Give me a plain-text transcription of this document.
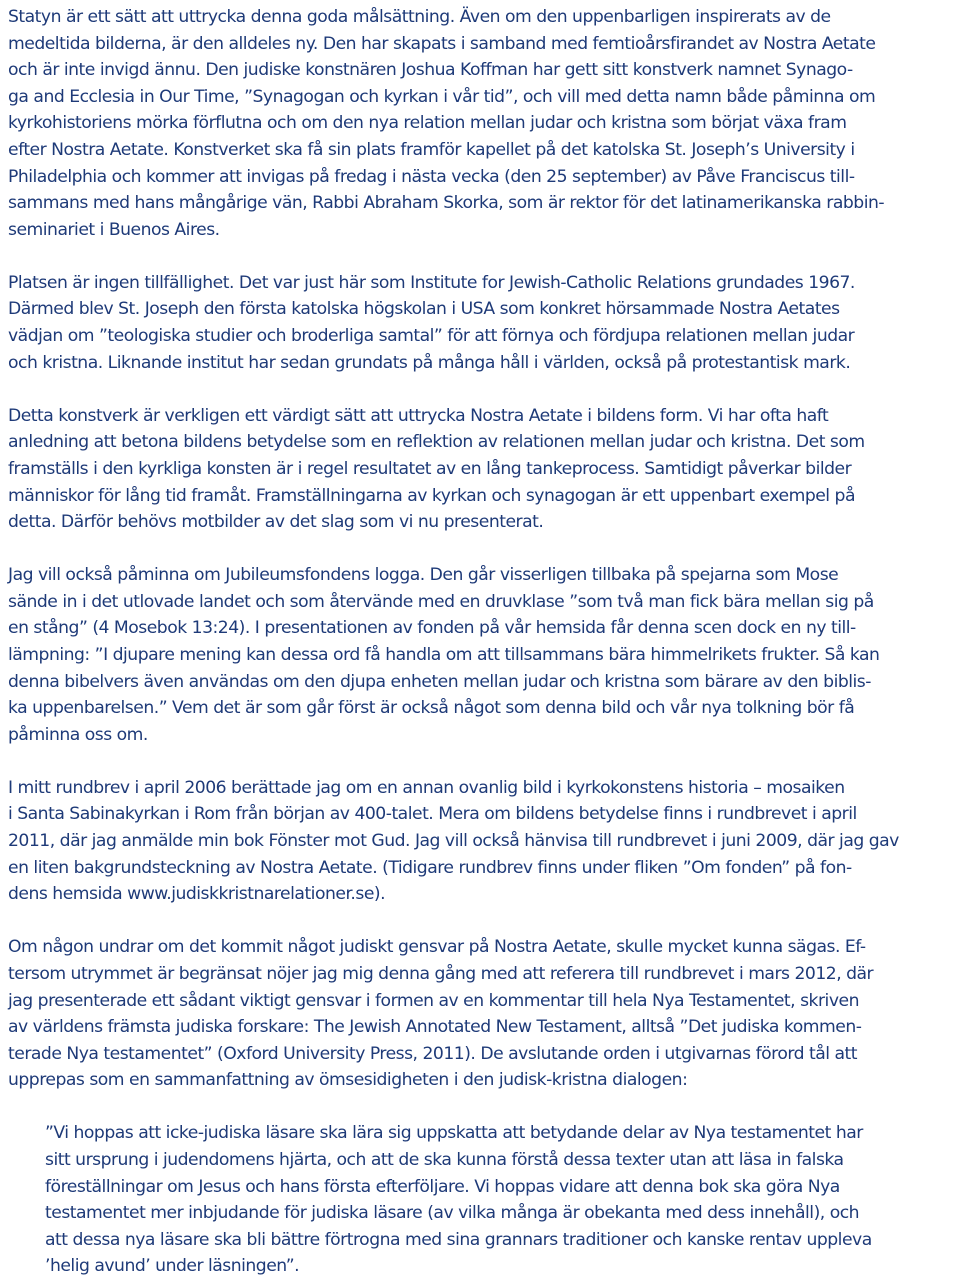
Statyn är ett sätt att uttrycka denna goda målsättning. Även om den uppenbarligen inspirerats av de
medeltida bilderna, är den alldeles ny. Den har skapats i samband med femtioårsfirandet av Nostra Aetate
och är inte invigd ännu. Den judiske konstnären Joshua Koffman har gett sitt konstverk namnet Synago-
ga and Ecclesia in Our Time, ”Synagogan och kyrkan i vår tid”, och vill med detta namn både påminna om
kyrkohistoriens mörka förflutna och om den nya relation mellan judar och kristna som börjat växa fram
efter Nostra Aetate. Konstverket ska få sin plats framför kapellet på det katolska St. Joseph’s University i
Philadelphia och kommer att invigas på fredag i nästa vecka (den 25 september) av Påve Franciscus till-
sammans med hans mångårige vän, Rabbi Abraham Skorka, som är rektor för det latinamerikanska rabbin-
seminariet i Buenos Aires.
Platsen är ingen tillfällighet. Det var just här som Institute for Jewish-Catholic Relations grundades 1967.
Därmed blev St. Joseph den första katolska högskolan i USA som konkret hörsammade Nostra Aetates
vädjan om ”teologiska studier och broderliga samtal” för att förnya och fördjupa relationen mellan judar
och kristna. Liknande institut har sedan grundats på många håll i världen, också på protestantisk mark.
Detta konstverk är verkligen ett värdigt sätt att uttrycka Nostra Aetate i bildens form. Vi har ofta haft
anledning att betona bildens betydelse som en reflektion av relationen mellan judar och kristna. Det som
framställs i den kyrkliga konsten är i regel resultatet av en lång tankeprocess. Samtidigt påverkar bilder
människor för lång tid framåt. Framställningarna av kyrkan och synagogan är ett uppenbart exempel på
detta. Därför behövs motbilder av det slag som vi nu presenterat.
Jag vill också påminna om Jubileumsfondens logga. Den går visserligen tillbaka på spejarna som Mose
sände in i det utlovade landet och som återvände med en druvklase ”som två man fick bära mellan sig på
en stång” (4 Mosebok 13:24). I presentationen av fonden på vår hemsida får denna scen dock en ny till-
lämpning: ”I djupare mening kan dessa ord få handla om att tillsammans bära himmelrikets frukter. Så kan
denna bibelvers även användas om den djupa enheten mellan judar och kristna som bärare av den biblis-
ka uppenbarelsen.” Vem det är som går först är också något som denna bild och vår nya tolkning bör få
påminna oss om.
I mitt rundbrev i april 2006 berättade jag om en annan ovanlig bild i kyrkokonstens historia – mosaiken
i Santa Sabinakyrkan i Rom från början av 400-talet. Mera om bildens betydelse finns i rundbrevet i april
2011, där jag anmälde min bok Fönster mot Gud. Jag vill också hänvisa till rundbrevet i juni 2009, där jag gav
en liten bakgrundsteckning av Nostra Aetate. (Tidigare rundbrev finns under fliken ”Om fonden” på fon-
dens hemsida www.judiskkristnarelationer.se).
Om någon undrar om det kommit något judiskt gensvar på Nostra Aetate, skulle mycket kunna sägas. Ef-
tersom utrymmet är begränsat nöjer jag mig denna gång med att referera till rundbrevet i mars 2012, där
jag presenterade ett sådant viktigt gensvar i formen av en kommentar till hela Nya Testamentet, skriven
av världens främsta judiska forskare: The Jewish Annotated New Testament, alltså ”Det judiska kommen-
terade Nya testamentet” (Oxford University Press, 2011). De avslutande orden i utgivarnas förord tål att
upprepas som en sammanfattning av ömsesidigheten i den judisk-kristna dialogen:
”Vi hoppas att icke-judiska läsare ska lära sig uppskatta att betydande delar av Nya testamentet har
sitt ursprung i judendomens hjärta, och att de ska kunna förstå dessa texter utan att läsa in falska
föreställningar om Jesus och hans första efterföljare. Vi hoppas vidare att denna bok ska göra Nya
testamentet mer inbjudande för judiska läsare (av vilka många är obekanta med dess innehåll), och
att dessa nya läsare ska bli bättre förtrogna med sina grannars traditioner och kanske rentav uppleva
’helig avund’ under läsningen”.
